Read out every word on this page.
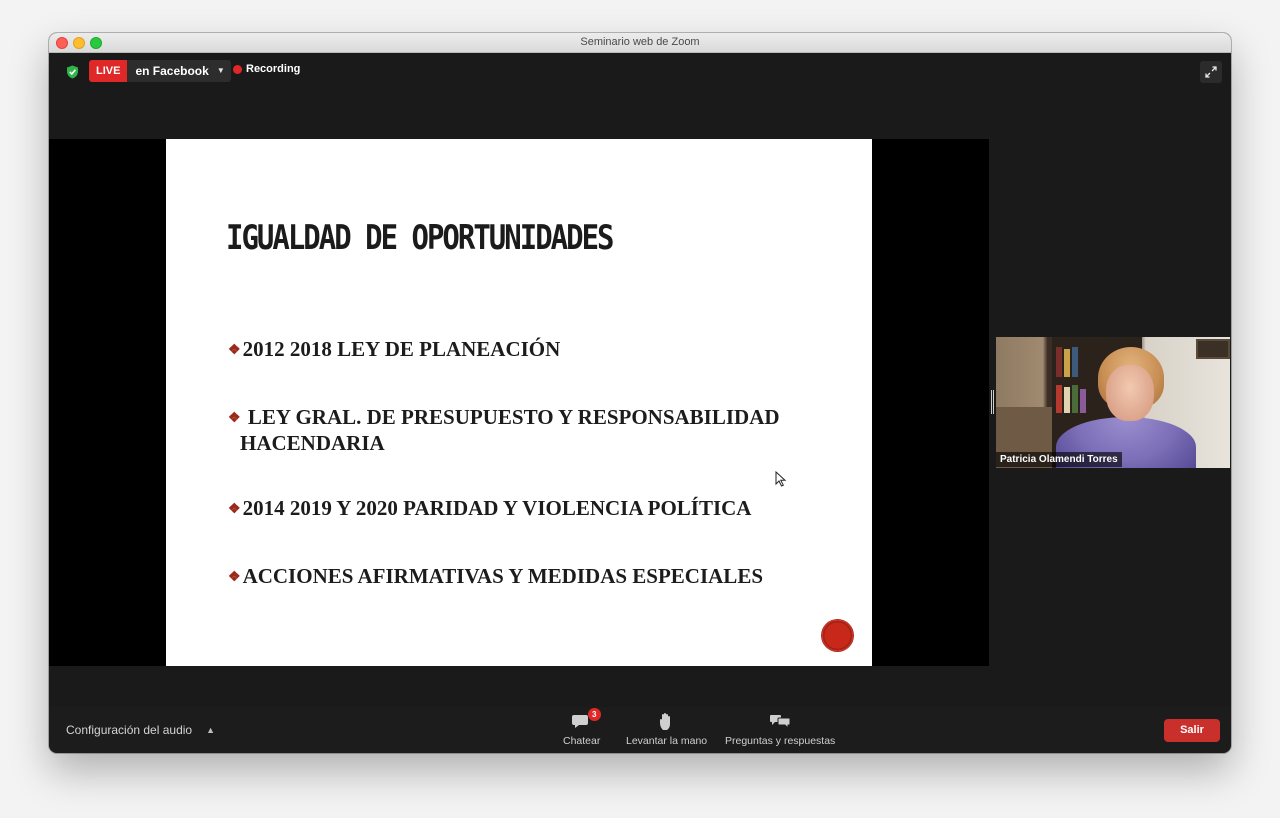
Seminario web de Zoom
LIVE	en Facebook ▼ Recording
IGUALDAD DE OPORTUNIDADES
❖2012 2018 LEY DE PLANEACIÓN
❖ LEY GRAL. DE PRESUPUESTO Y RESPONSABILIDAD
HACENDARIA
❖2014 2019 Y 2020 PARIDAD Y VIOLENCIA POLÍTICA
❖ACCIONES AFIRMATIVAS Y MEDIDAS ESPECIALES
Patricia Olamendi Torres
Configuración del audio ▲
3
Chatear Levantar la mano Preguntas y respuestas
Salir
